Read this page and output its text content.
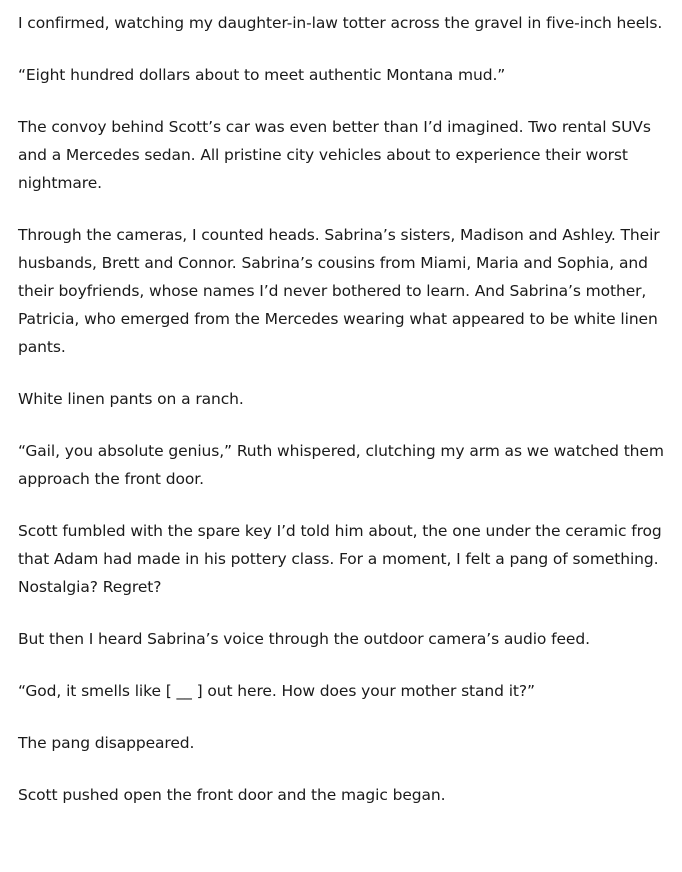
I confirmed, watching my daughter-in-law totter across the gravel in five-inch heels.

“Eight hundred dollars about to meet authentic Montana mud.”

The convoy behind Scott’s car was even better than I’d imagined. Two rental SUVs and a Mercedes sedan. All pristine city vehicles about to experience their worst nightmare.

Through the cameras, I counted heads. Sabrina’s sisters, Madison and Ashley. Their husbands, Brett and Connor. Sabrina’s cousins from Miami, Maria and Sophia, and their boyfriends, whose names I’d never bothered to learn. And Sabrina’s mother, Patricia, who emerged from the Mercedes wearing what appeared to be white linen pants.

White linen pants on a ranch.

“Gail, you absolute genius,” Ruth whispered, clutching my arm as we watched them approach the front door.

Scott fumbled with the spare key I’d told him about, the one under the ceramic frog that Adam had made in his pottery class. For a moment, I felt a pang of something. Nostalgia? Regret?

But then I heard Sabrina’s voice through the outdoor camera’s audio feed.

“God, it smells like [ __ ] out here. How does your mother stand it?”

The pang disappeared.

Scott pushed open the front door and the magic began.
